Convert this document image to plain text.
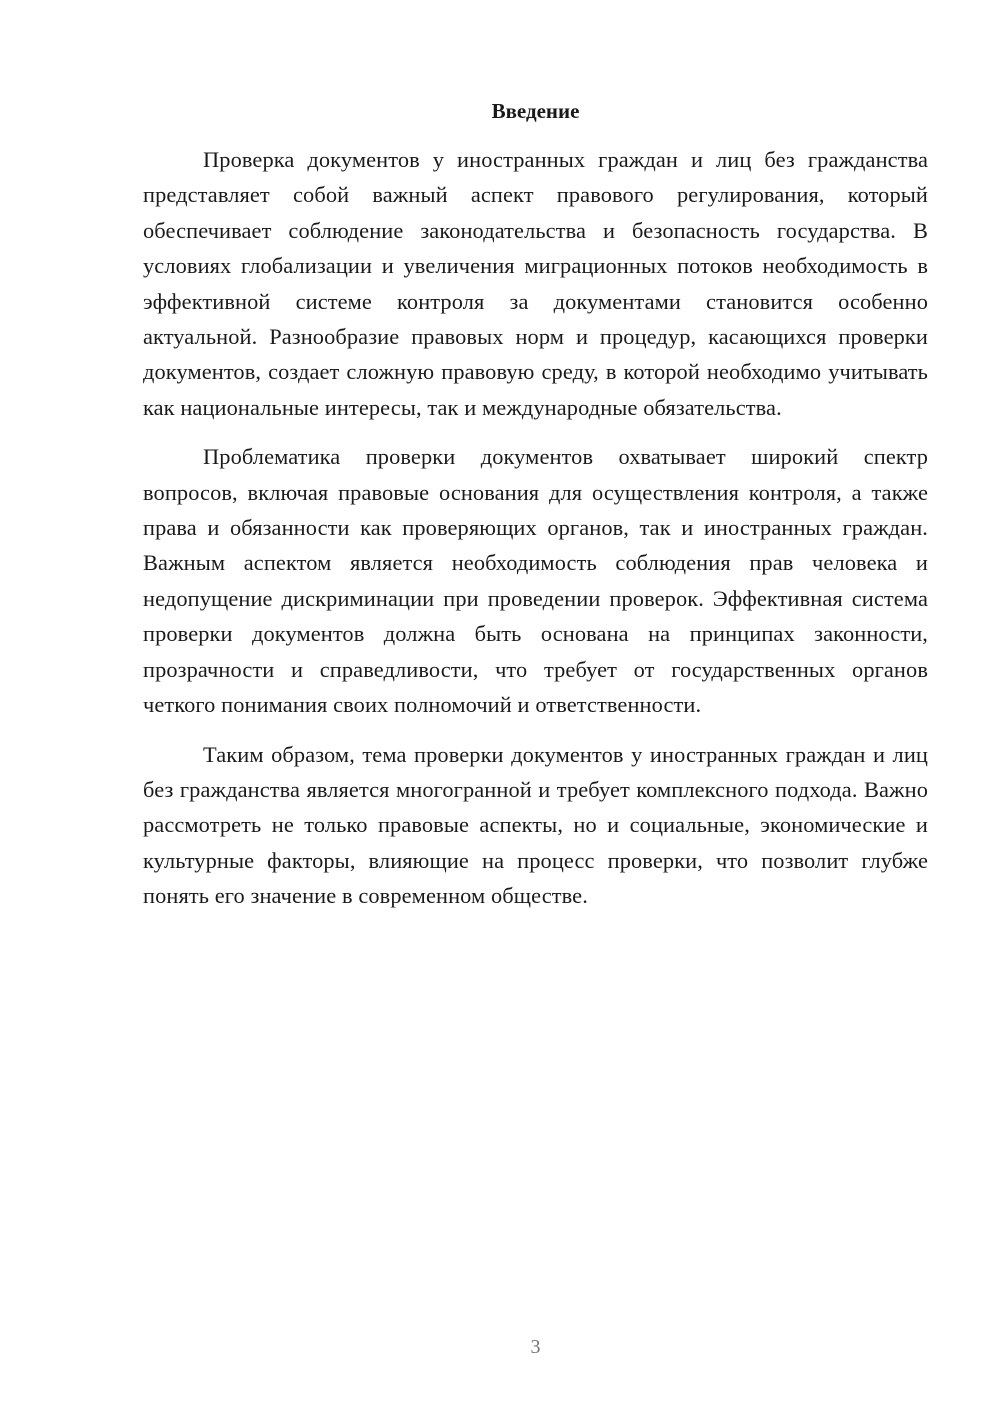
Введение

Проверка документов у иностранных граждан и лиц без гражданства представляет собой важный аспект правового регулирования, который обеспечивает соблюдение законодательства и безопасность государства. В условиях глобализации и увеличения миграционных потоков необходимость в эффективной системе контроля за документами становится особенно актуальной. Разнообразие правовых норм и процедур, касающихся проверки документов, создает сложную правовую среду, в которой необходимо учитывать как национальные интересы, так и международные обязательства.

Проблематика проверки документов охватывает широкий спектр вопросов, включая правовые основания для осуществления контроля, а также права и обязанности как проверяющих органов, так и иностранных граждан. Важным аспектом является необходимость соблюдения прав человека и недопущение дискриминации при проведении проверок. Эффективная система проверки документов должна быть основана на принципах законности, прозрачности и справедливости, что требует от государственных органов четкого понимания своих полномочий и ответственности.

Таким образом, тема проверки документов у иностранных граждан и лиц без гражданства является многогранной и требует комплексного подхода. Важно рассмотреть не только правовые аспекты, но и социальные, экономические и культурные факторы, влияющие на процесс проверки, что позволит глубже понять его значение в современном обществе.

3
